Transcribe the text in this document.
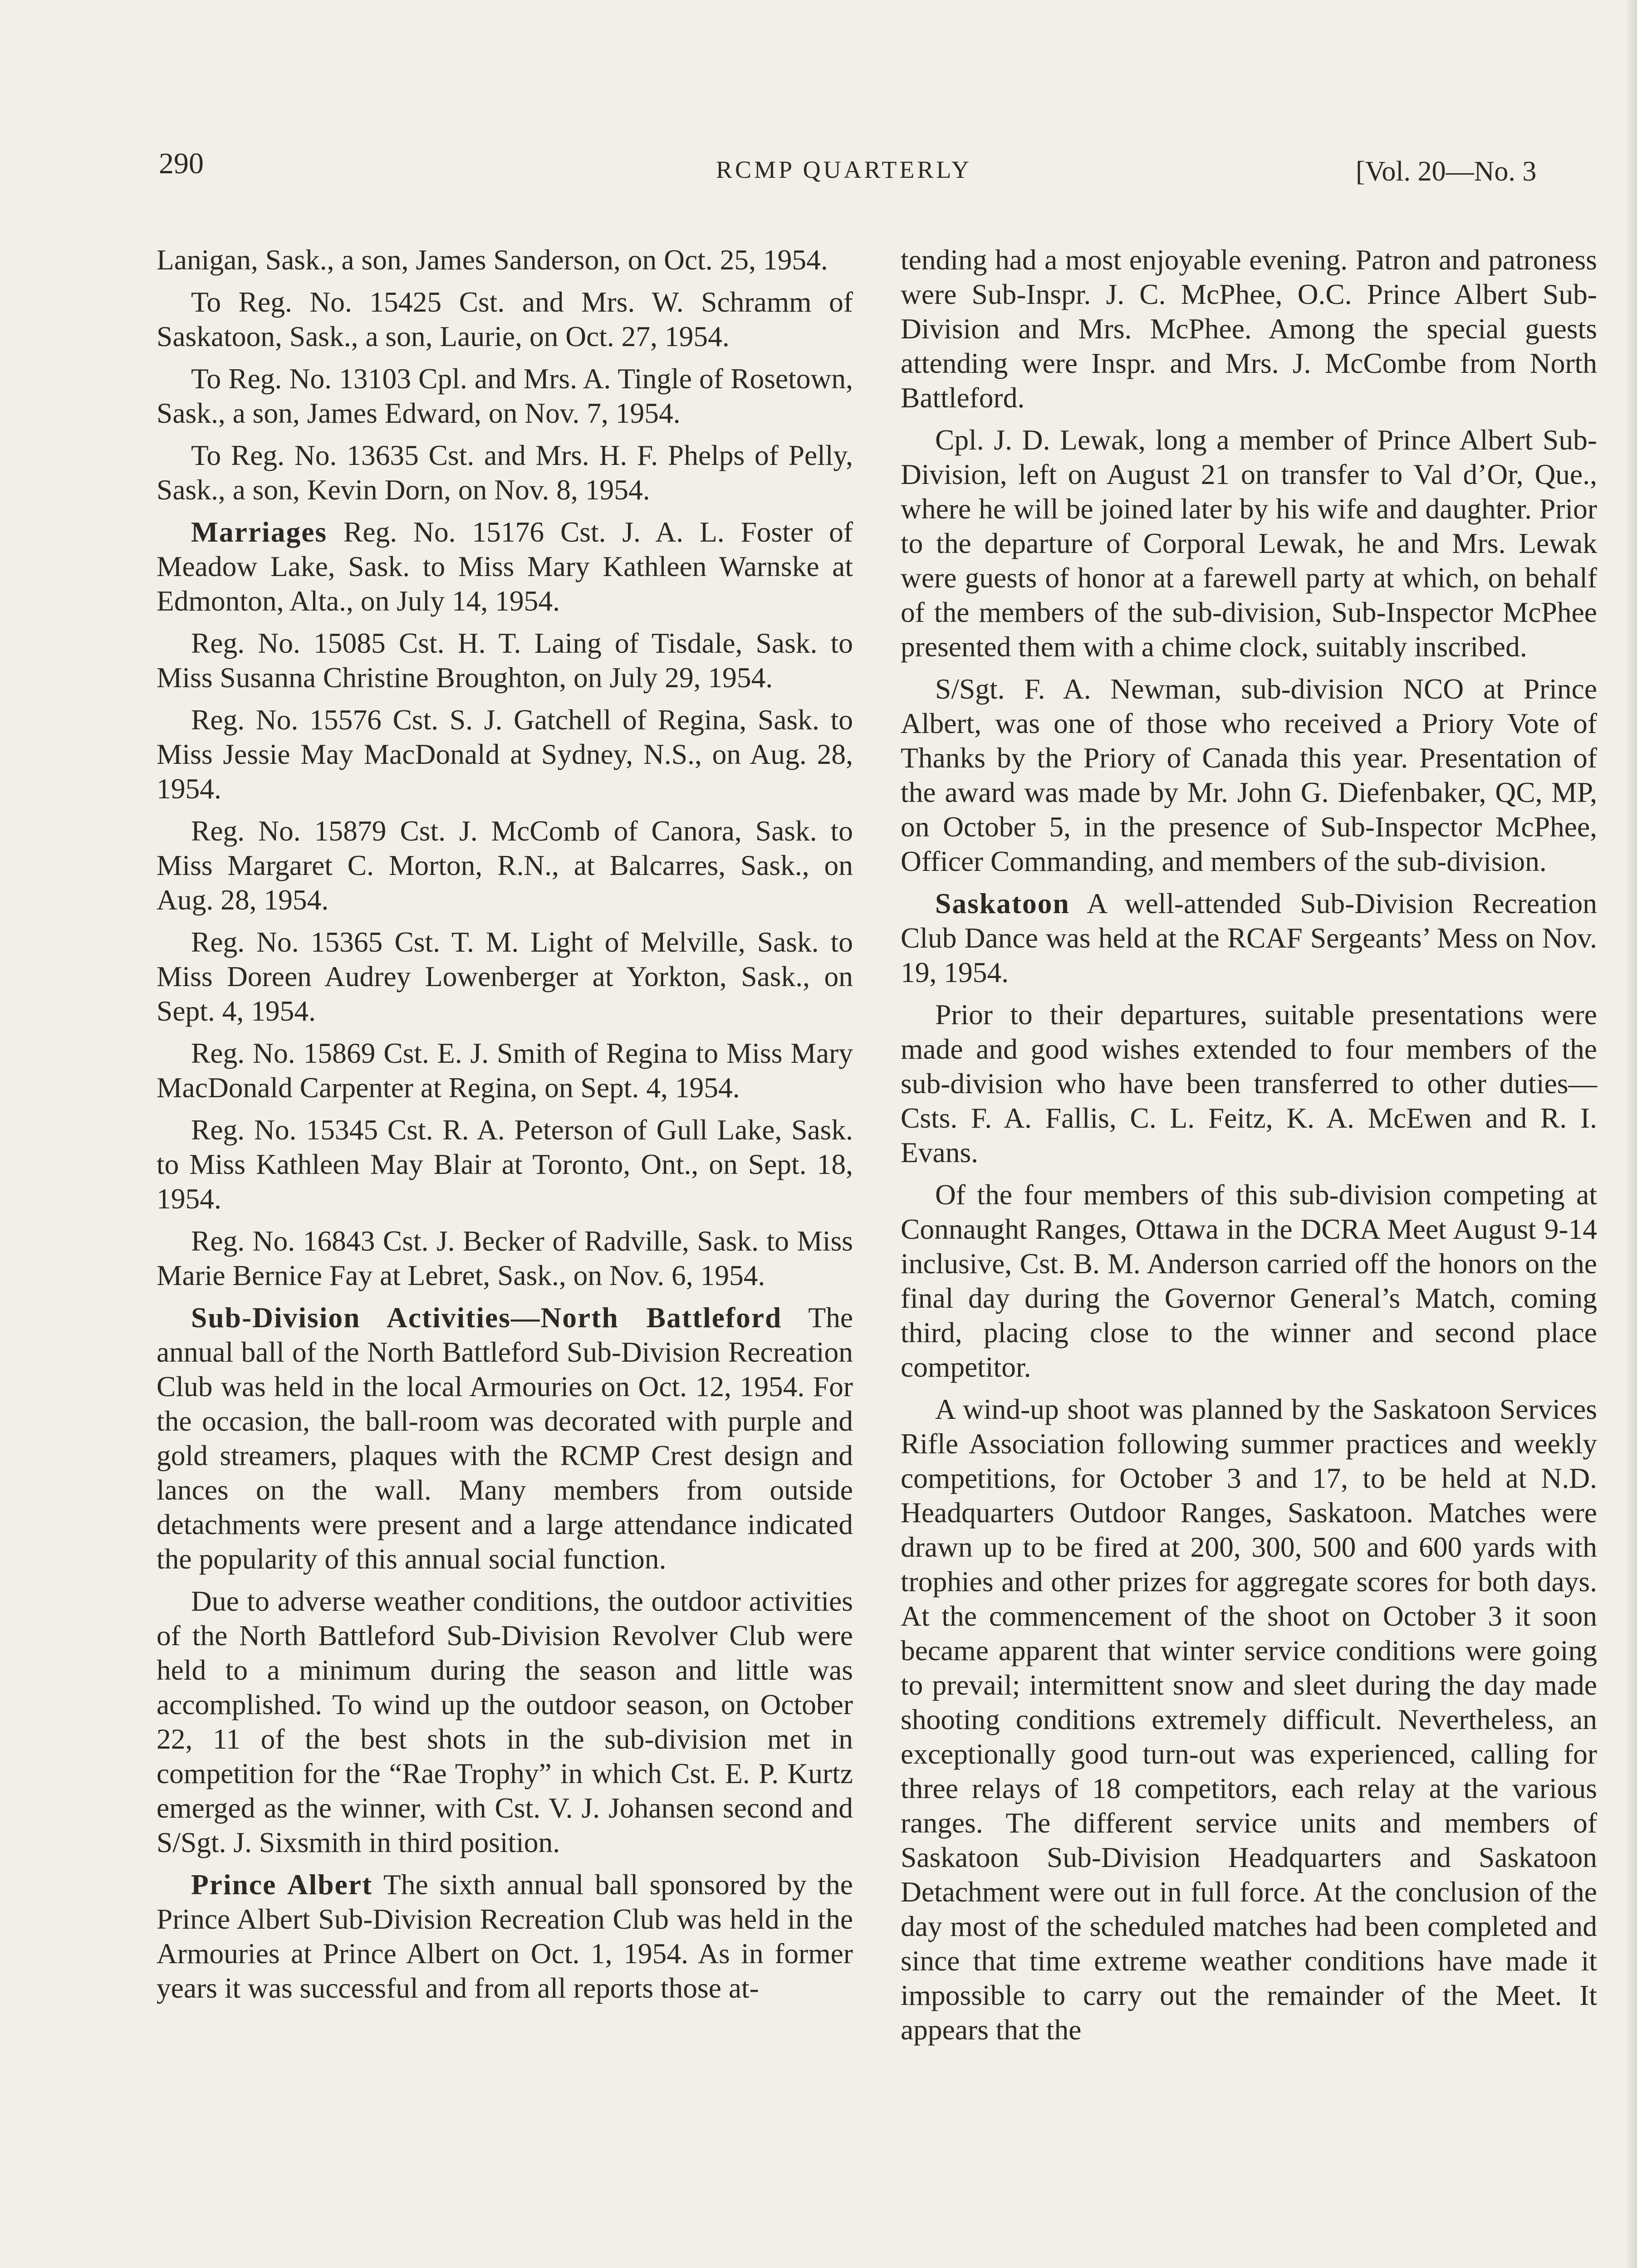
290	RCMP QUARTERLY	[Vol. 20—No. 3

Lanigan, Sask., a son, James Sanderson, on Oct. 25, 1954.

To Reg. No. 15425 Cst. and Mrs. W. Schramm of Saskatoon, Sask., a son, Laurie, on Oct. 27, 1954.

To Reg. No. 13103 Cpl. and Mrs. A. Tingle of Rosetown, Sask., a son, James Edward, on Nov. 7, 1954.

To Reg. No. 13635 Cst. and Mrs. H. F. Phelps of Pelly, Sask., a son, Kevin Dorn, on Nov. 8, 1954.

Marriages Reg. No. 15176 Cst. J. A. L. Foster of Meadow Lake, Sask. to Miss Mary Kathleen Warnske at Edmonton, Alta., on July 14, 1954.

Reg. No. 15085 Cst. H. T. Laing of Tisdale, Sask. to Miss Susanna Christine Broughton, on July 29, 1954.

Reg. No. 15576 Cst. S. J. Gatchell of Regina, Sask. to Miss Jessie May MacDonald at Sydney, N.S., on Aug. 28, 1954.

Reg. No. 15879 Cst. J. McComb of Canora, Sask. to Miss Margaret C. Morton, R.N., at Balcarres, Sask., on Aug. 28, 1954.

Reg. No. 15365 Cst. T. M. Light of Melville, Sask. to Miss Doreen Audrey Lowenberger at Yorkton, Sask., on Sept. 4, 1954.

Reg. No. 15869 Cst. E. J. Smith of Regina to Miss Mary MacDonald Carpenter at Regina, on Sept. 4, 1954.

Reg. No. 15345 Cst. R. A. Peterson of Gull Lake, Sask. to Miss Kathleen May Blair at Toronto, Ont., on Sept. 18, 1954.

Reg. No. 16843 Cst. J. Becker of Radville, Sask. to Miss Marie Bernice Fay at Lebret, Sask., on Nov. 6, 1954.

Sub-Division Activities—North Battleford The annual ball of the North Battleford Sub-Division Recreation Club was held in the local Armouries on Oct. 12, 1954. For the occasion, the ball-room was decorated with purple and gold streamers, plaques with the RCMP Crest design and lances on the wall. Many members from outside detachments were present and a large attendance indicated the popularity of this annual social function.

Due to adverse weather conditions, the outdoor activities of the North Battleford Sub-Division Revolver Club were held to a minimum during the season and little was accomplished. To wind up the outdoor season, on October 22, 11 of the best shots in the sub-division met in competition for the “Rae Trophy” in which Cst. E. P. Kurtz emerged as the winner, with Cst. V. J. Johansen second and S/Sgt. J. Sixsmith in third position.

Prince Albert The sixth annual ball sponsored by the Prince Albert Sub-Division Recreation Club was held in the Armouries at Prince Albert on Oct. 1, 1954. As in former years it was successful and from all reports those at-

tending had a most enjoyable evening. Patron and patroness were Sub-Inspr. J. C. McPhee, O.C. Prince Albert Sub-Division and Mrs. McPhee. Among the special guests attending were Inspr. and Mrs. J. McCombe from North Battleford.

Cpl. J. D. Lewak, long a member of Prince Albert Sub-Division, left on August 21 on transfer to Val d’Or, Que., where he will be joined later by his wife and daughter. Prior to the departure of Corporal Lewak, he and Mrs. Lewak were guests of honor at a farewell party at which, on behalf of the members of the sub-division, Sub-Inspector McPhee presented them with a chime clock, suitably inscribed.

S/Sgt. F. A. Newman, sub-division NCO at Prince Albert, was one of those who received a Priory Vote of Thanks by the Priory of Canada this year. Presentation of the award was made by Mr. John G. Diefenbaker, QC, MP, on October 5, in the presence of Sub-Inspector McPhee, Officer Commanding, and members of the sub-division.

Saskatoon A well-attended Sub-Division Recreation Club Dance was held at the RCAF Sergeants’ Mess on Nov. 19, 1954.

Prior to their departures, suitable presentations were made and good wishes extended to four members of the sub-division who have been transferred to other duties—Csts. F. A. Fallis, C. L. Feitz, K. A. McEwen and R. I. Evans.

Of the four members of this sub-division competing at Connaught Ranges, Ottawa in the DCRA Meet August 9-14 inclusive, Cst. B. M. Anderson carried off the honors on the final day during the Governor General’s Match, coming third, placing close to the winner and second place competitor.

A wind-up shoot was planned by the Saskatoon Services Rifle Association following summer practices and weekly competitions, for October 3 and 17, to be held at N.D. Headquarters Outdoor Ranges, Saskatoon. Matches were drawn up to be fired at 200, 300, 500 and 600 yards with trophies and other prizes for aggregate scores for both days. At the commencement of the shoot on October 3 it soon became apparent that winter service conditions were going to prevail; intermittent snow and sleet during the day made shooting conditions extremely difficult. Nevertheless, an exceptionally good turn-out was experienced, calling for three relays of 18 competitors, each relay at the various ranges. The different service units and members of Saskatoon Sub-Division Headquarters and Saskatoon Detachment were out in full force. At the conclusion of the day most of the scheduled matches had been completed and since that time extreme weather conditions have made it impossible to carry out the remainder of the Meet. It appears that the
